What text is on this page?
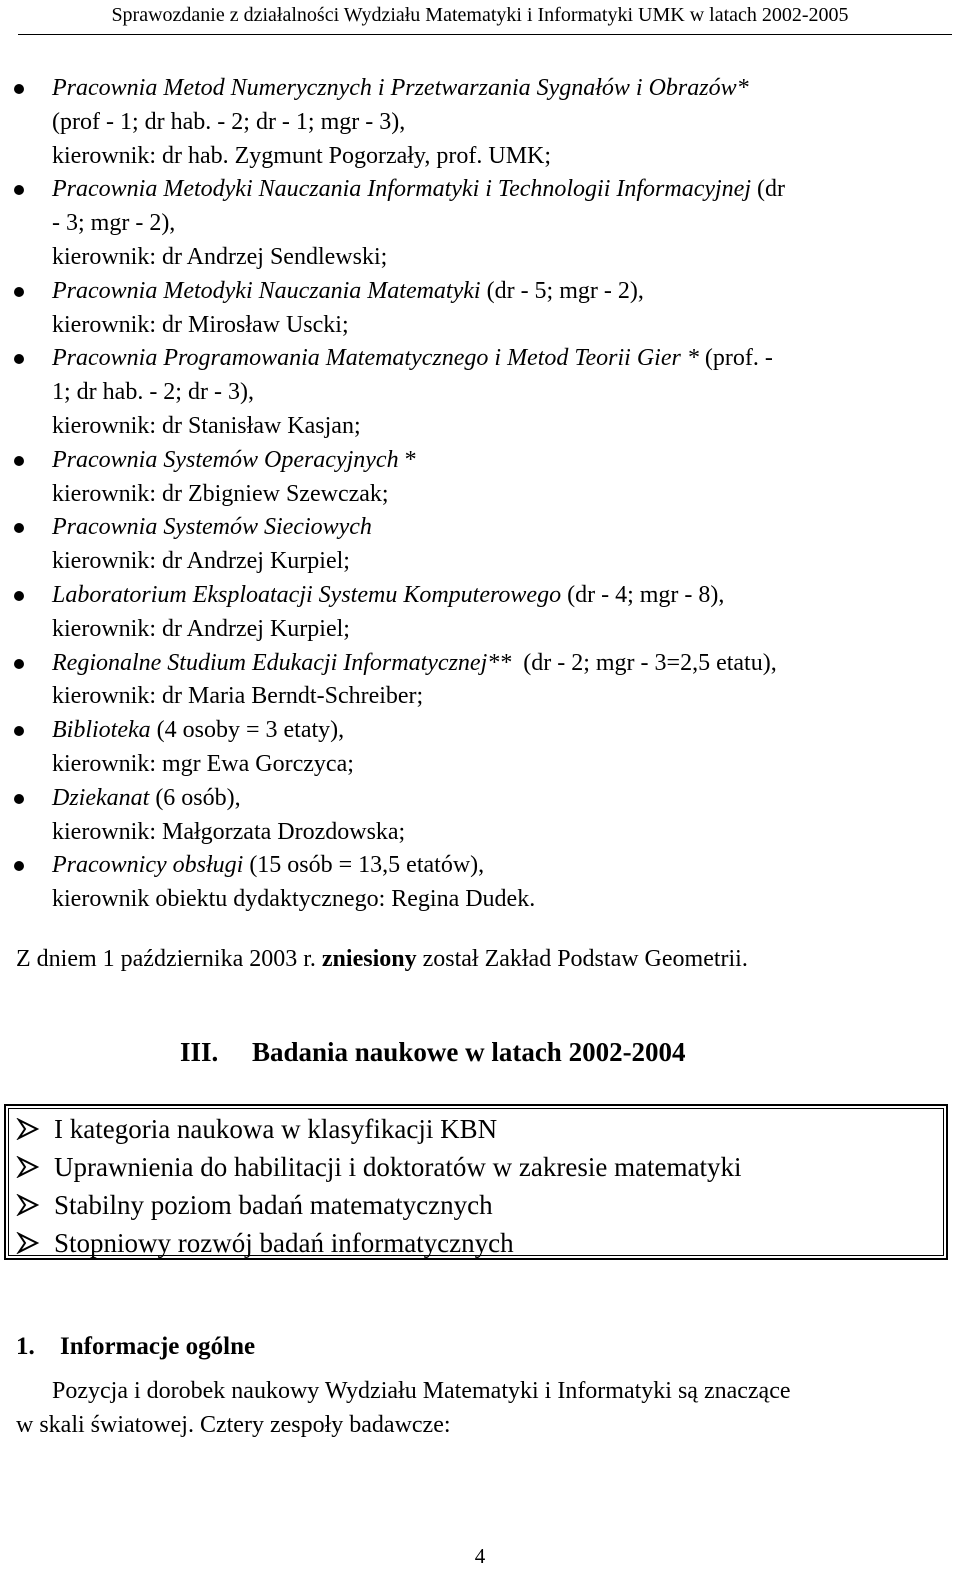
Sprawozdanie z działalności Wydziału Matematyki i Informatyki UMK w latach 2002-2005
Pracownia Metod Numerycznych i Przetwarzania Sygnałów i Obrazów*
(prof - 1; dr hab. - 2; dr - 1; mgr - 3),
kierownik: dr hab. Zygmunt Pogorzały, prof. UMK;
Pracownia Metodyki Nauczania Informatyki i Technologii Informacyjnej (dr
- 3; mgr - 2),
kierownik: dr Andrzej Sendlewski;
Pracownia Metodyki Nauczania Matematyki (dr - 5; mgr - 2),
kierownik: dr Mirosław Uscki;
Pracownia Programowania Matematycznego i Metod Teorii Gier * (prof. -
1; dr hab. - 2; dr - 3),
kierownik: dr Stanisław Kasjan;
Pracownia Systemów Operacyjnych *
kierownik: dr Zbigniew Szewczak;
Pracownia Systemów Sieciowych
kierownik: dr Andrzej Kurpiel;
Laboratorium Eksploatacji Systemu Komputerowego (dr - 4; mgr - 8),
kierownik: dr Andrzej Kurpiel;
Regionalne Studium Edukacji Informatycznej**  (dr - 2; mgr - 3=2,5 etatu),
kierownik: dr Maria Berndt-Schreiber;
Biblioteka (4 osoby = 3 etaty),
kierownik: mgr Ewa Gorczyca;
Dziekanat (6 osób),
kierownik: Małgorzata Drozdowska;
Pracownicy obsługi (15 osób = 13,5 etatów),
kierownik obiektu dydaktycznego: Regina Dudek.
Z dniem 1 października 2003 r. zniesiony został Zakład Podstaw Geometrii.
III. Badania naukowe w latach 2002-2004
I kategoria naukowa w klasyfikacji KBN
Uprawnienia do habilitacji i doktoratów w zakresie matematyki
Stabilny poziom badań matematycznych
Stopniowy rozwój badań informatycznych
1. Informacje ogólne
Pozycja i dorobek naukowy Wydziału Matematyki i Informatyki są znaczące
w skali światowej. Cztery zespoły badawcze:
4
